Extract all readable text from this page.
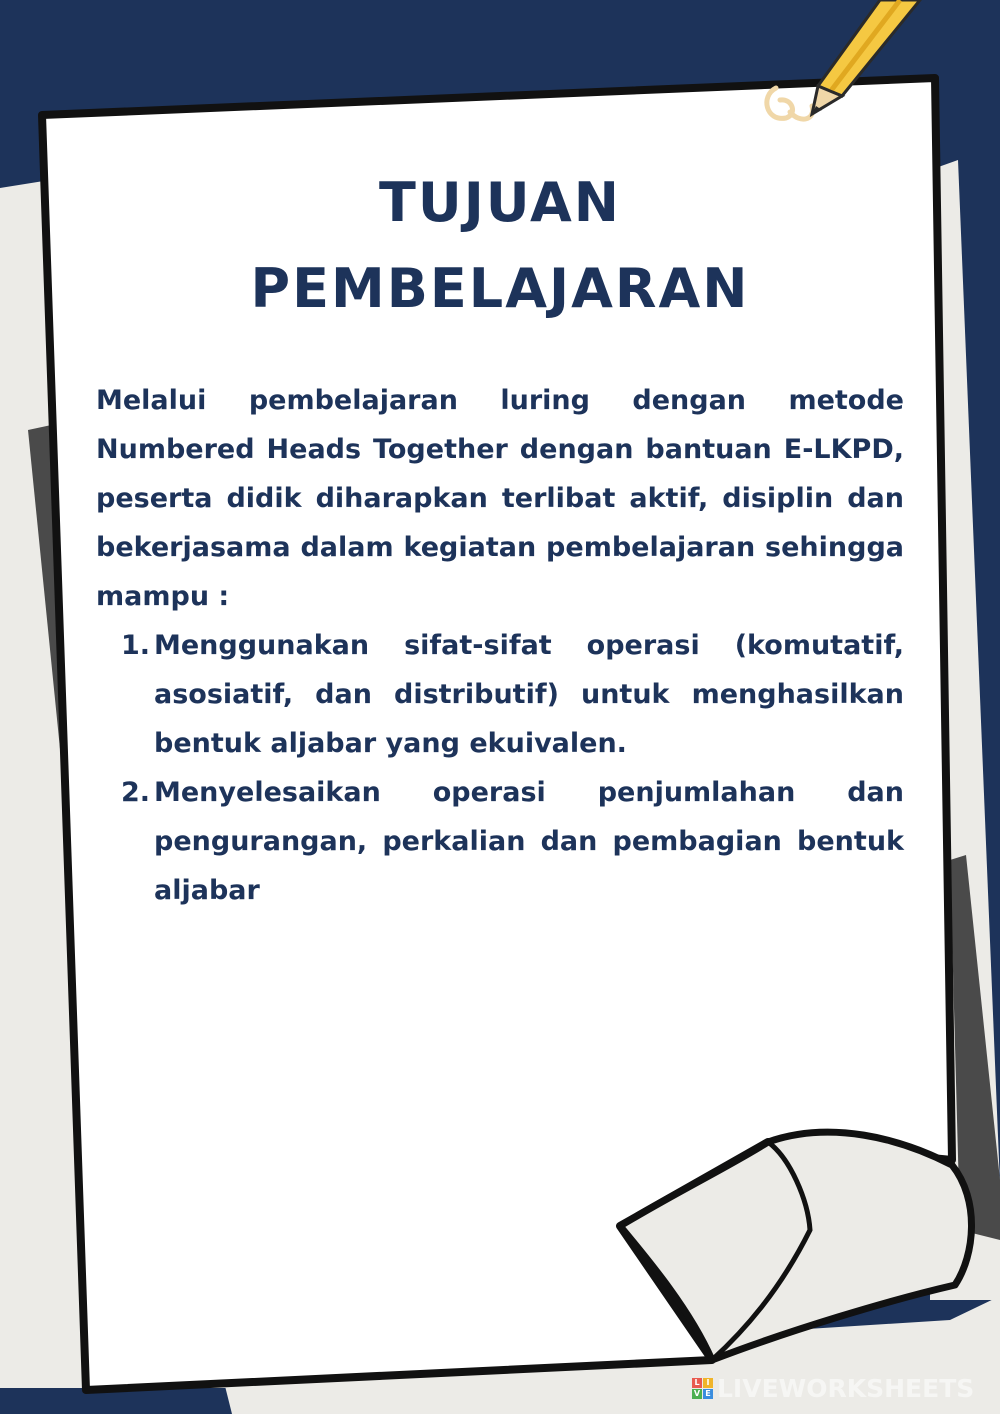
TUJUAN
PEMBELAJARAN

Melalui pembelajaran luring dengan metode Numbered Heads Together dengan bantuan E-LKPD, peserta didik diharapkan terlibat aktif, disiplin dan bekerjasama dalam kegiatan pembelajaran sehingga mampu :

1. Menggunakan sifat-sifat operasi (komutatif, asosiatif, dan distributif) untuk menghasilkan bentuk aljabar yang ekuivalen.
2. Menyelesaikan operasi penjumlahan dan pengurangan, perkalian dan pembagian bentuk aljabar
L I
V E LIVEWORKSHEETS
